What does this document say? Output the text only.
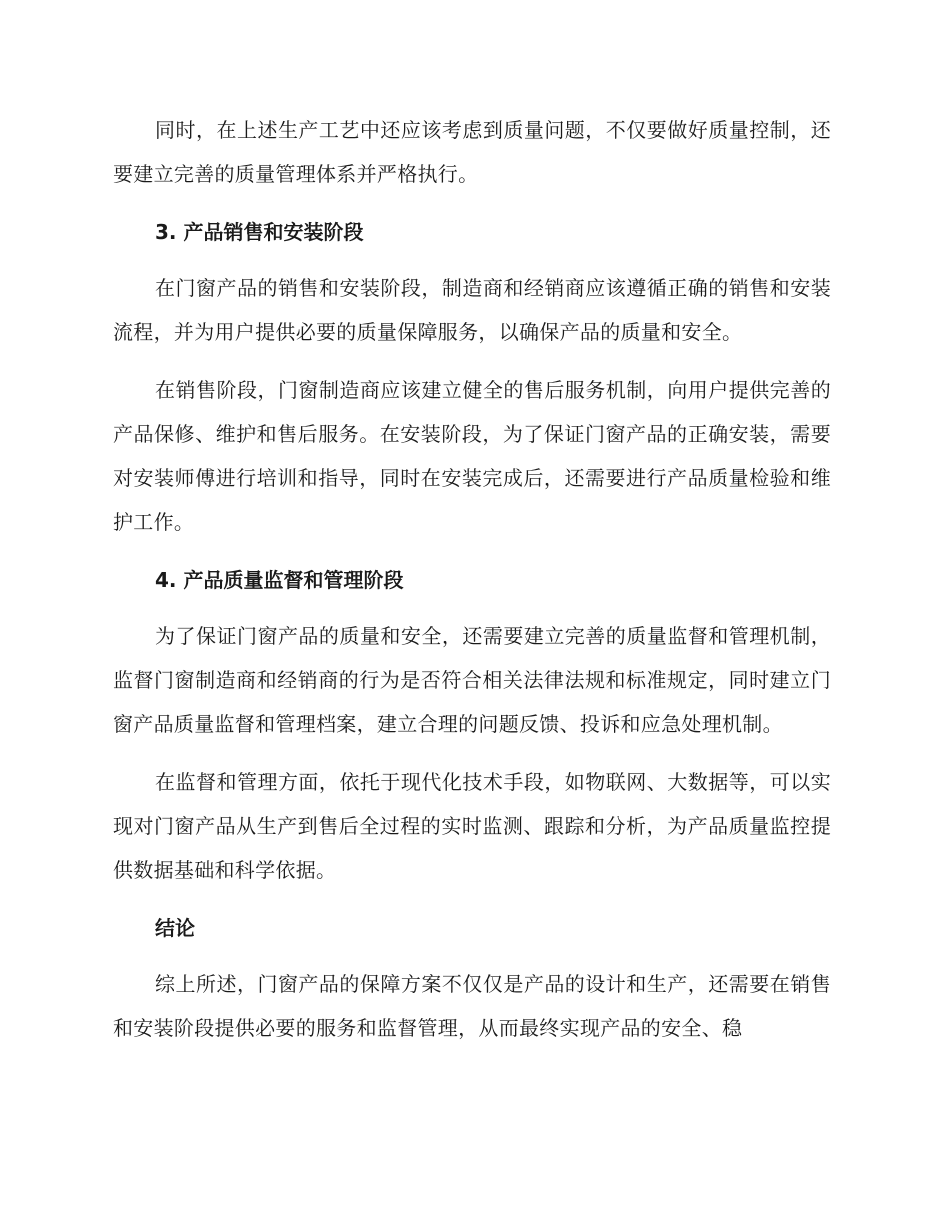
同时，在上述生产工艺中还应该考虑到质量问题，不仅要做好质量控制，还要建立完善的质量管理体系并严格执行。

3. 产品销售和安装阶段

在门窗产品的销售和安装阶段，制造商和经销商应该遵循正确的销售和安装流程，并为用户提供必要的质量保障服务，以确保产品的质量和安全。

在销售阶段，门窗制造商应该建立健全的售后服务机制，向用户提供完善的产品保修、维护和售后服务。在安装阶段，为了保证门窗产品的正确安装，需要对安装师傅进行培训和指导，同时在安装完成后，还需要进行产品质量检验和维护工作。

4. 产品质量监督和管理阶段

为了保证门窗产品的质量和安全，还需要建立完善的质量监督和管理机制，监督门窗制造商和经销商的行为是否符合相关法律法规和标准规定，同时建立门窗产品质量监督和管理档案，建立合理的问题反馈、投诉和应急处理机制。

在监督和管理方面，依托于现代化技术手段，如物联网、大数据等，可以实现对门窗产品从生产到售后全过程的实时监测、跟踪和分析，为产品质量监控提供数据基础和科学依据。

结论

综上所述，门窗产品的保障方案不仅仅是产品的设计和生产，还需要在销售和安装阶段提供必要的服务和监督管理，从而最终实现产品的安全、稳
